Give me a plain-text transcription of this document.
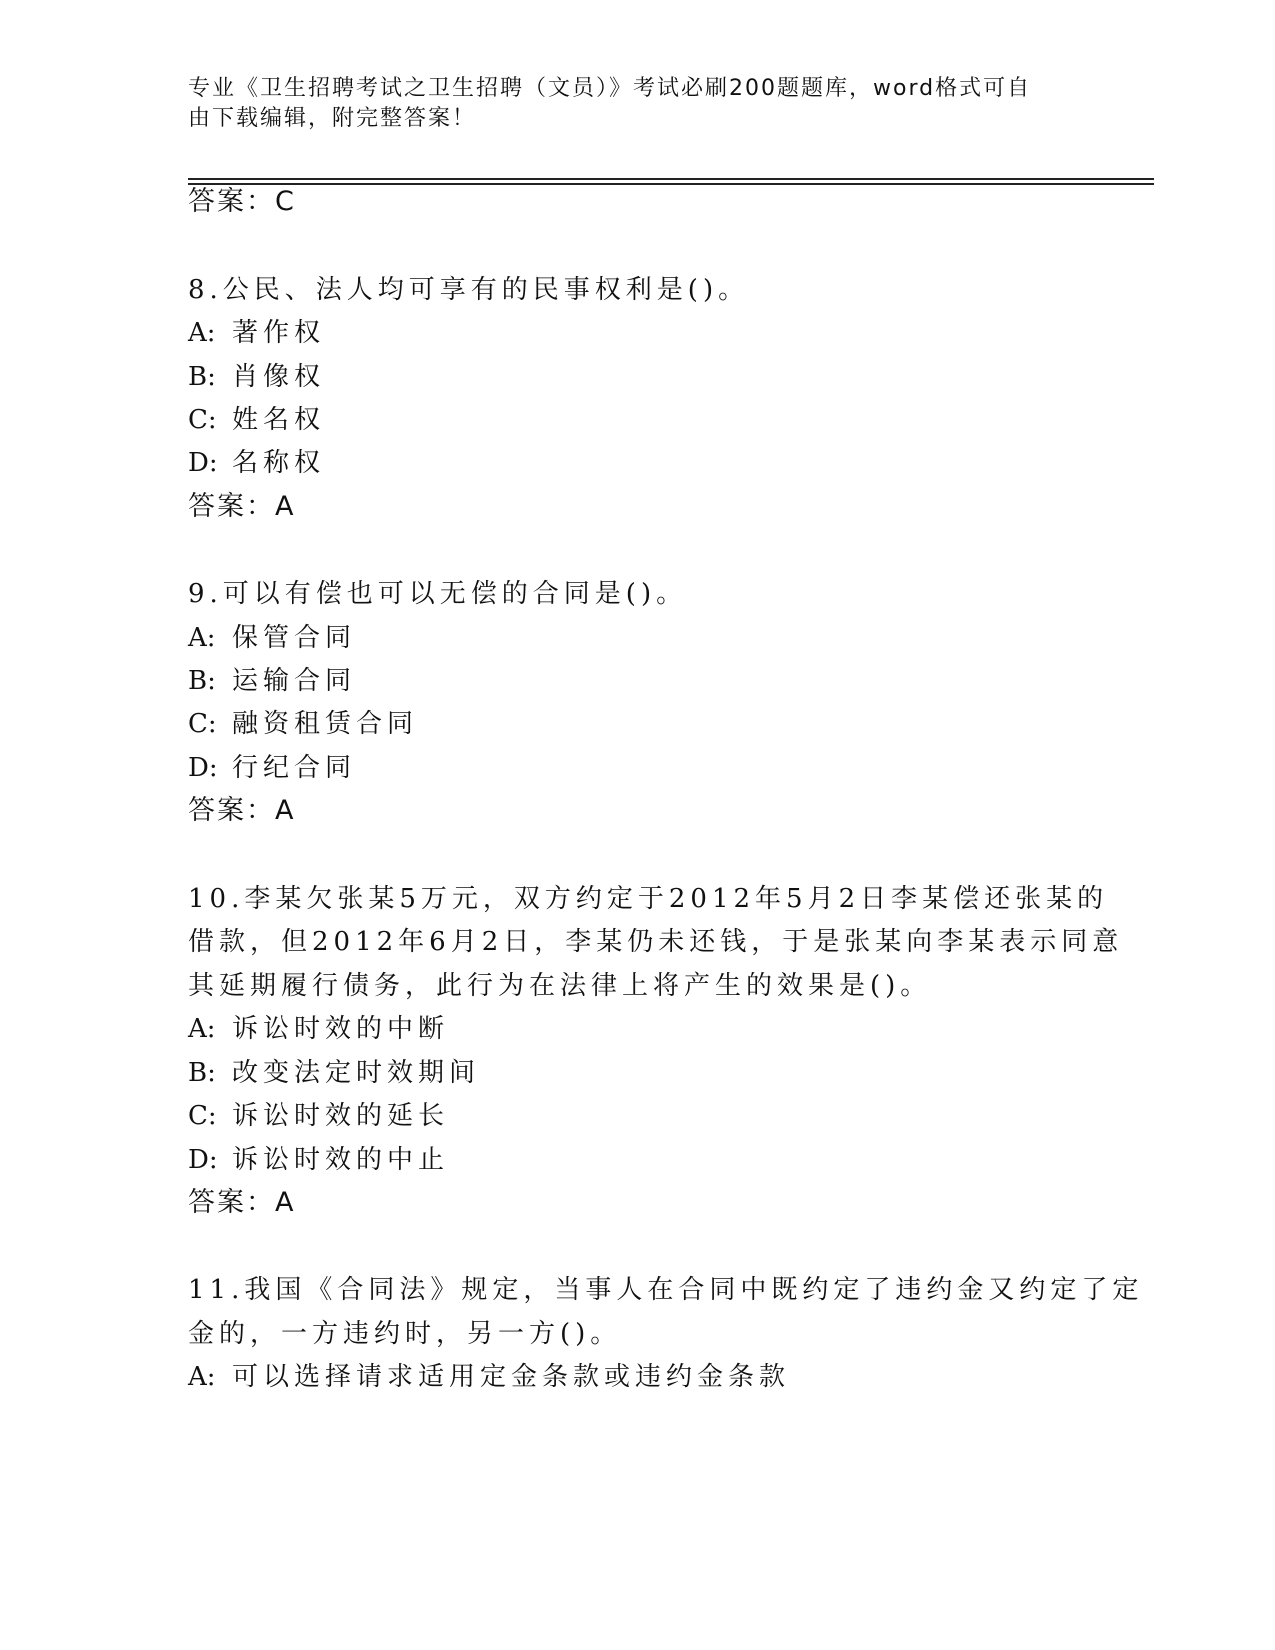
专业《卫生招聘考试之卫生招聘（文员）》考试必刷200题题库，word格式可自
由下载编辑，附完整答案！
答案：C
8.公民、法人均可享有的民事权利是()。
A: 著作权
B: 肖像权
C: 姓名权
D: 名称权
答案：A
9.可以有偿也可以无偿的合同是()。
A: 保管合同
B: 运输合同
C: 融资租赁合同
D: 行纪合同
答案：A
10.李某欠张某5万元，双方约定于2012年5月2日李某偿还张某的
借款，但2012年6月2日，李某仍未还钱，于是张某向李某表示同意
其延期履行债务，此行为在法律上将产生的效果是()。
A: 诉讼时效的中断
B: 改变法定时效期间
C: 诉讼时效的延长
D: 诉讼时效的中止
答案：A
11.我国《合同法》规定，当事人在合同中既约定了违约金又约定了定
金的，一方违约时，另一方()。
A: 可以选择请求适用定金条款或违约金条款
